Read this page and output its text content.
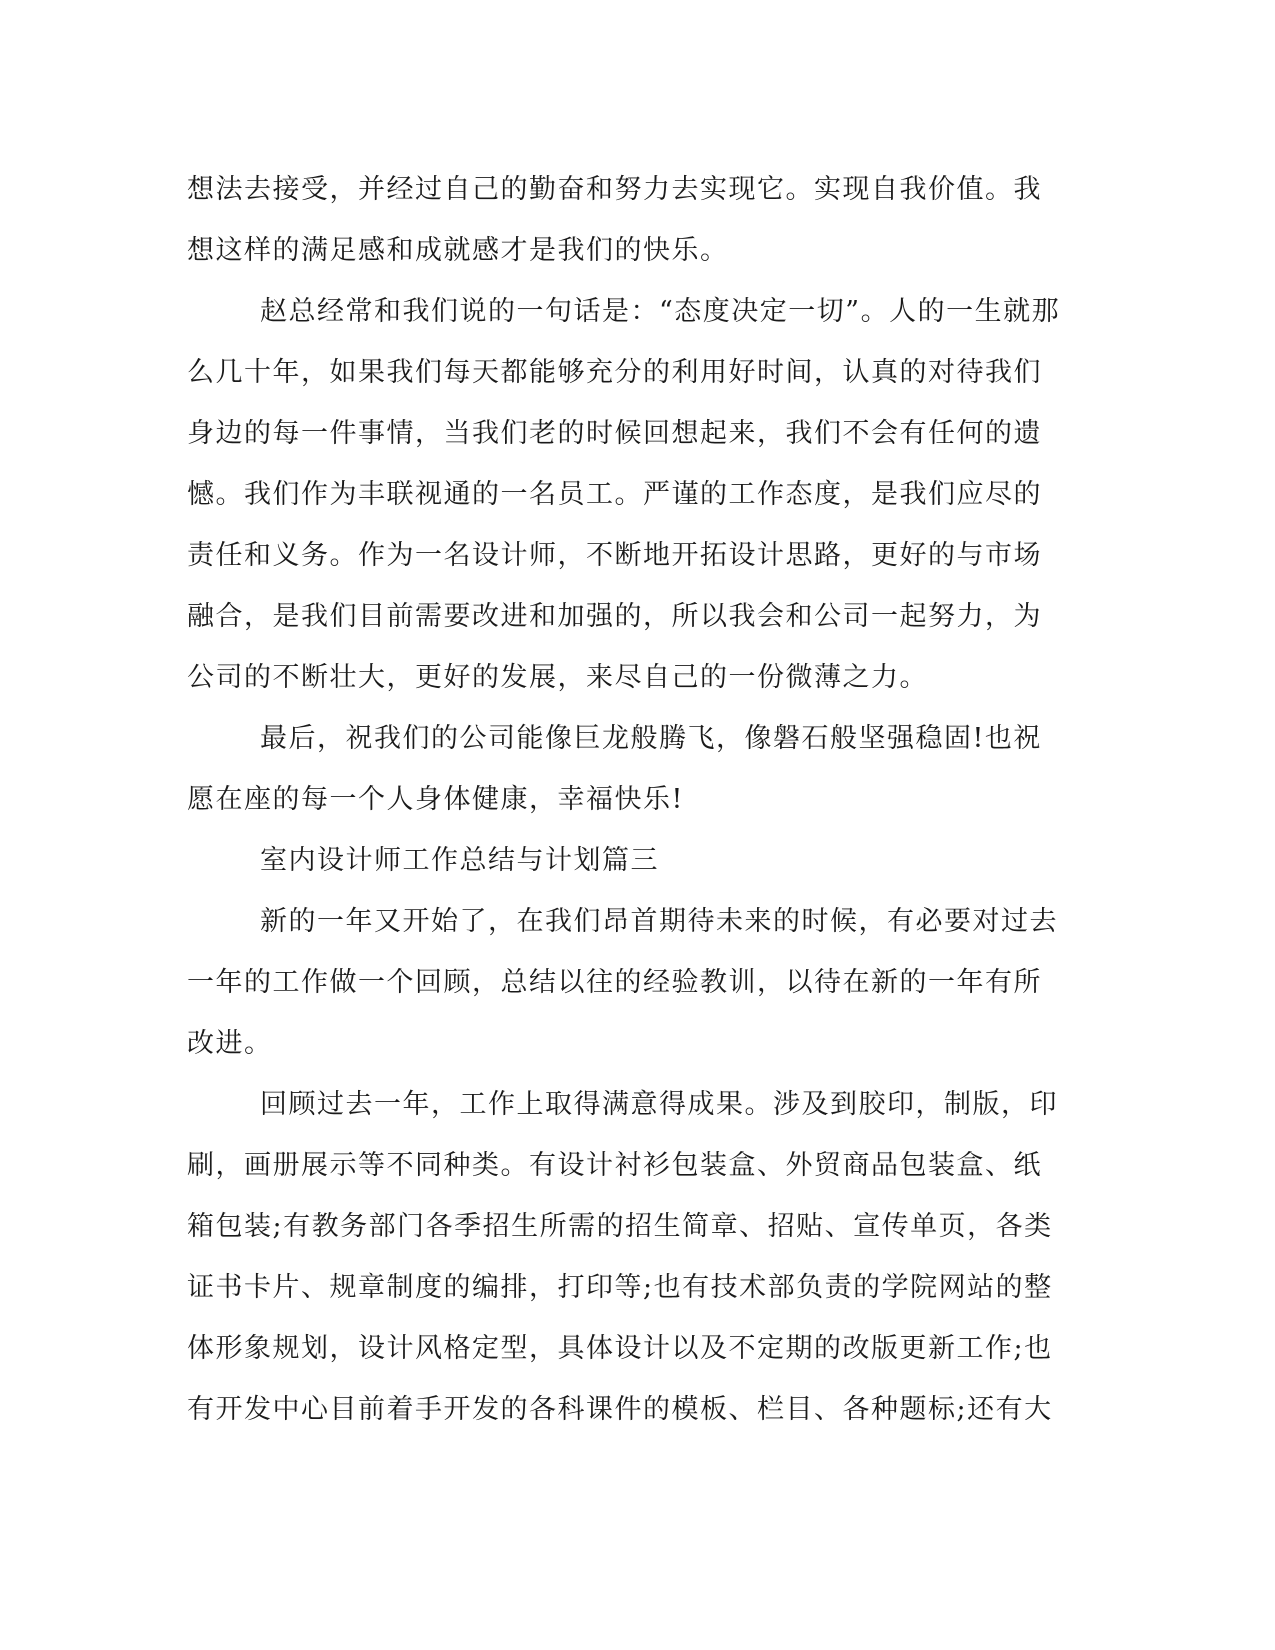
想法去接受，并经过自己的勤奋和努力去实现它。实现自我价值。我
想这样的满足感和成就感才是我们的快乐。
赵总经常和我们说的一句话是：“态度决定一切”。人的一生就那
么几十年，如果我们每天都能够充分的利用好时间，认真的对待我们
身边的每一件事情，当我们老的时候回想起来，我们不会有任何的遗
憾。我们作为丰联视通的一名员工。严谨的工作态度，是我们应尽的
责任和义务。作为一名设计师，不断地开拓设计思路，更好的与市场
融合，是我们目前需要改进和加强的，所以我会和公司一起努力，为
公司的不断壮大，更好的发展，来尽自己的一份微薄之力。
最后，祝我们的公司能像巨龙般腾飞，像磐石般坚强稳固!也祝
愿在座的每一个人身体健康，幸福快乐!
室内设计师工作总结与计划篇三
新的一年又开始了，在我们昂首期待未来的时候，有必要对过去
一年的工作做一个回顾，总结以往的经验教训，以待在新的一年有所
改进。
回顾过去一年，工作上取得满意得成果。涉及到胶印，制版，印
刷，画册展示等不同种类。有设计衬衫包装盒、外贸商品包装盒、纸
箱包装;有教务部门各季招生所需的招生简章、招贴、宣传单页，各类
证书卡片、规章制度的编排，打印等;也有技术部负责的学院网站的整
体形象规划，设计风格定型，具体设计以及不定期的改版更新工作;也
有开发中心目前着手开发的各科课件的模板、栏目、各种题标;还有大
